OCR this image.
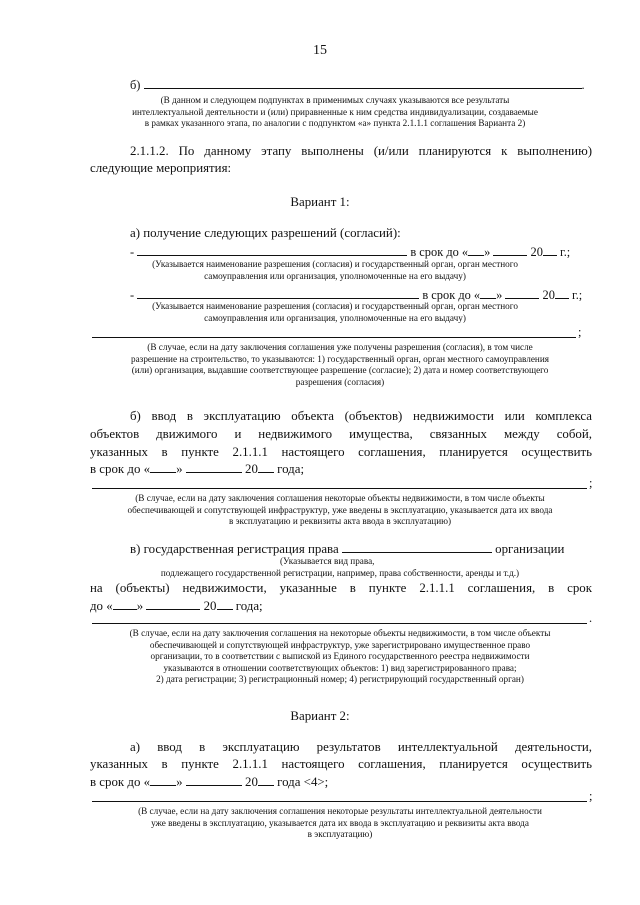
15
б)	.
(В данном и следующем подпунктах в применимых случаях указываются все результаты
интеллектуальной деятельности и (или) приравненные к ним средства индивидуализации, создаваемые
в рамках указанного этапа, по аналогии с подпунктом «а» пункта 2.1.1.1 соглашения Варианта 2)
2.1.1.2. По данному этапу выполнены (и/или планируются к выполнению)
следующие мероприятия:
Вариант 1:
а) получение следующих разрешений (согласий):
-	в срок до « »	20 г.;
(Указывается наименование разрешения (согласия) и государственный орган, орган местного
самоуправления или организация, уполномоченные на его выдачу)
-	в срок до « »	20 г.;
(Указывается наименование разрешения (согласия) и государственный орган, орган местного
самоуправления или организация, уполномоченные на его выдачу)
;
(В случае, если на дату заключения соглашения уже получены разрешения (согласия), в том числе
разрешение на строительство, то указываются: 1) государственный орган, орган местного самоуправления
(или) организация, выдавшие соответствующее разрешение (согласие); 2) дата и номер соответствующего
разрешения (согласия)
б) ввод в эксплуатацию объекта (объектов) недвижимости или комплекса
объектов движимого и недвижимого имущества, связанных между собой,
указанных в пункте 2.1.1.1 настоящего соглашения, планируется осуществить
в срок до « »	20 года;
;
(В случае, если на дату заключения соглашения некоторые объекты недвижимости, в том числе объекты
обеспечивающей и сопутствующей инфраструктур, уже введены в эксплуатацию, указывается дата их ввода
в эксплуатацию и реквизиты акта ввода в эксплуатацию)
в) государственная регистрация права	организации
(Указывается вид права,
подлежащего государственной регистрации, например, права собственности, аренды и т.д.)
на (объекты) недвижимости, указанные в пункте 2.1.1.1 соглашения, в срок
до « »	20 года;
.
(В случае, если на дату заключения соглашения на некоторые объекты недвижимости, в том числе объекты
обеспечивающей и сопутствующей инфраструктур, уже зарегистрировано имущественное право
организации, то в соответствии с выпиской из Единого государственного реестра недвижимости
указываются в отношении соответствующих объектов: 1) вид зарегистрированного права;
2) дата регистрации; 3) регистрационный номер; 4) регистрирующий государственный орган)
Вариант 2:
а) ввод в эксплуатацию результатов интеллектуальной деятельности,
указанных в пункте 2.1.1.1 настоящего соглашения, планируется осуществить
в срок до « »	20 года <4>;
;
(В случае, если на дату заключения соглашения некоторые результаты интеллектуальной деятельности
уже введены в эксплуатацию, указывается дата их ввода в эксплуатацию и реквизиты акта ввода
в эксплуатацию)
